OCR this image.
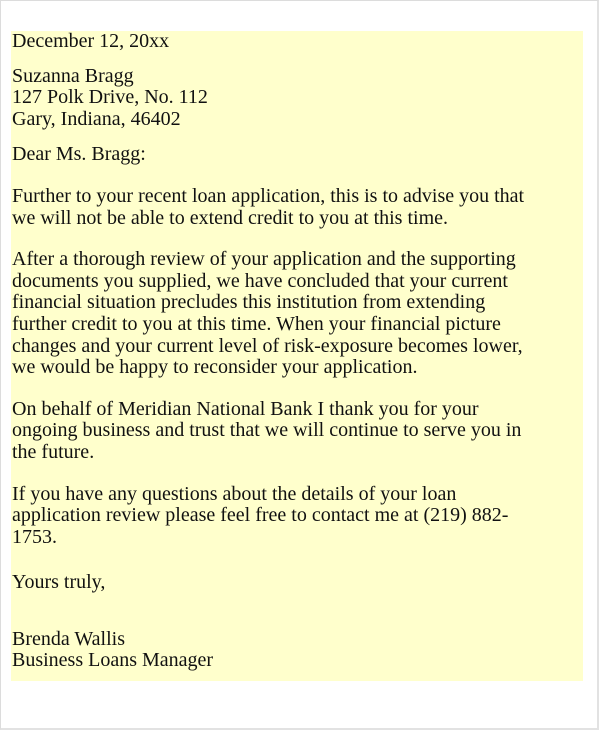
December 12, 20xx

Suzanna Bragg
127 Polk Drive, No. 112
Gary, Indiana, 46402

Dear Ms. Bragg:

Further to your recent loan application, this is to advise you that
we will not be able to extend credit to you at this time.

After a thorough review of your application and the supporting
documents you supplied, we have concluded that your current
financial situation precludes this institution from extending
further credit to you at this time. When your financial picture
changes and your current level of risk-exposure becomes lower,
we would be happy to reconsider your application.

On behalf of Meridian National Bank I thank you for your
ongoing business and trust that we will continue to serve you in
the future.

If you have any questions about the details of your loan
application review please feel free to contact me at (219) 882-
1753.

Yours truly,

Brenda Wallis
Business Loans Manager
